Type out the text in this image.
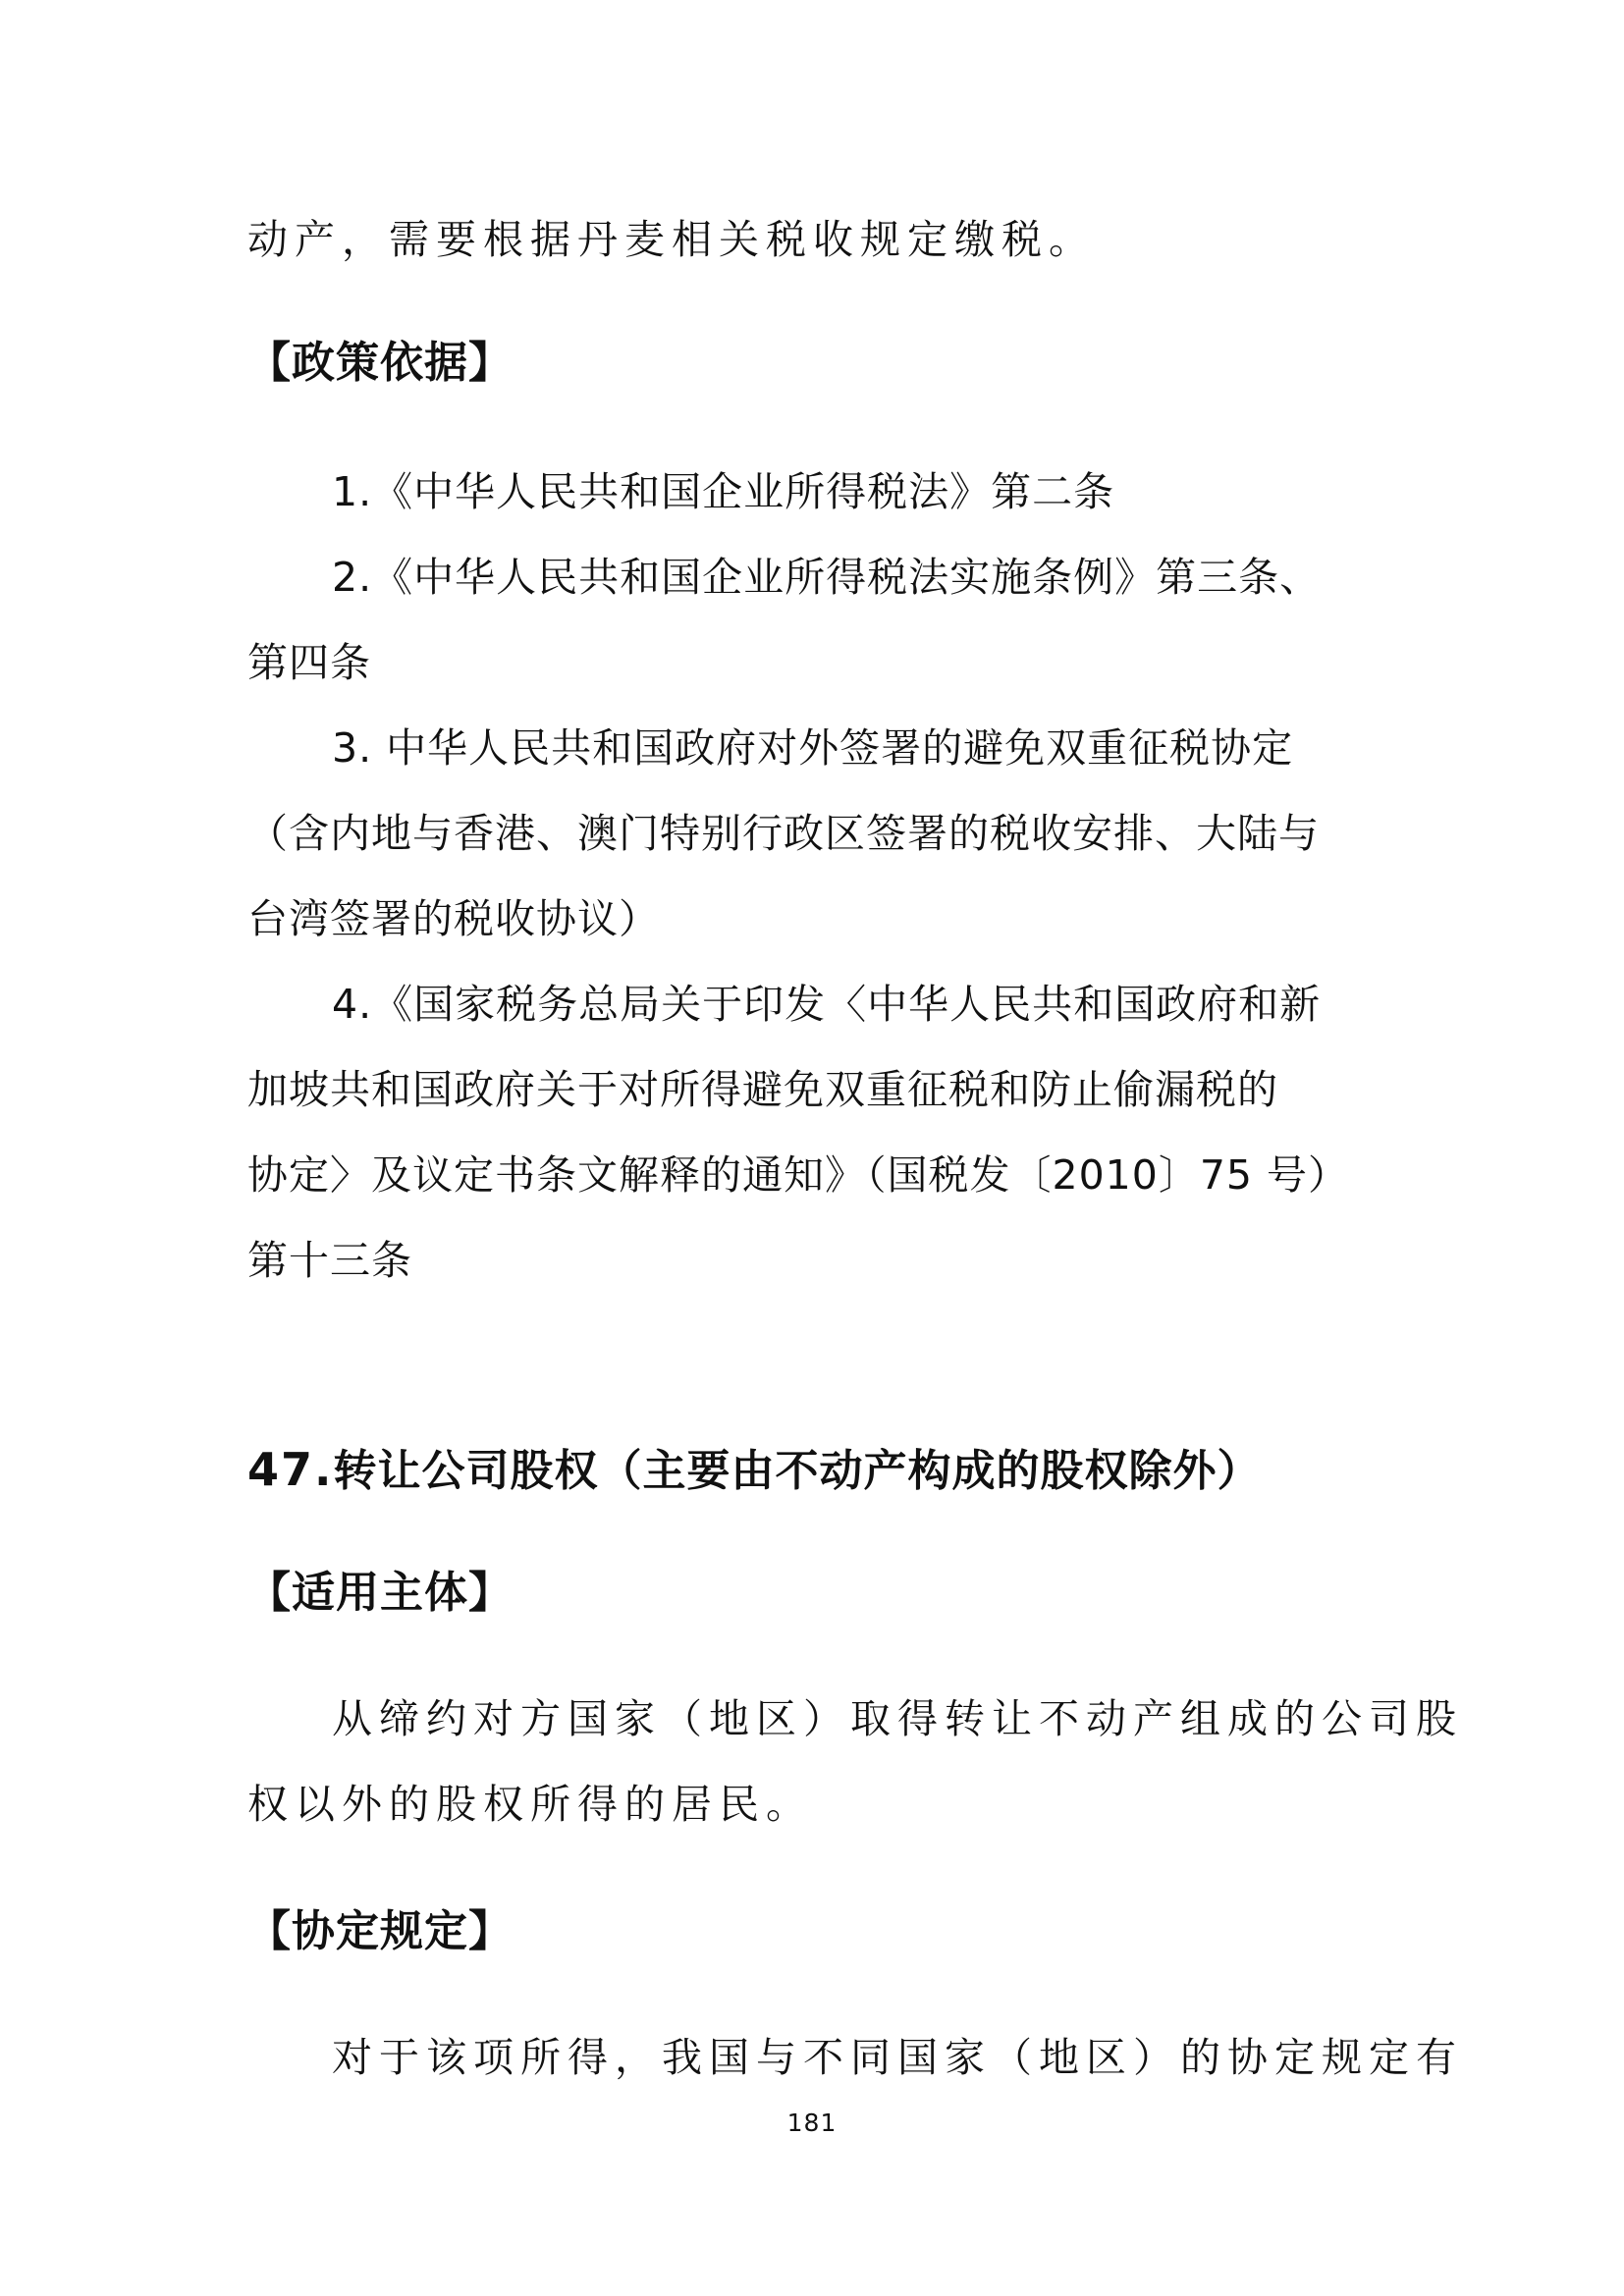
动产，需要根据丹麦相关税收规定缴税。
【政策依据】
1.《中华人民共和国企业所得税法》第二条
2.《中华人民共和国企业所得税法实施条例》第三条、
第四条
3. 中华人民共和国政府对外签署的避免双重征税协定
（含内地与香港、澳门特别行政区签署的税收安排、大陆与
台湾签署的税收协议）
4.《国家税务总局关于印发〈中华人民共和国政府和新
加坡共和国政府关于对所得避免双重征税和防止偷漏税的
协定〉及议定书条文解释的通知》（国税发〔2010〕75 号）
第十三条
47.转让公司股权（主要由不动产构成的股权除外）
【适用主体】
从缔约对方国家（地区）取得转让不动产组成的公司股
权以外的股权所得的居民。
【协定规定】
对于该项所得，我国与不同国家（地区）的协定规定有
181
